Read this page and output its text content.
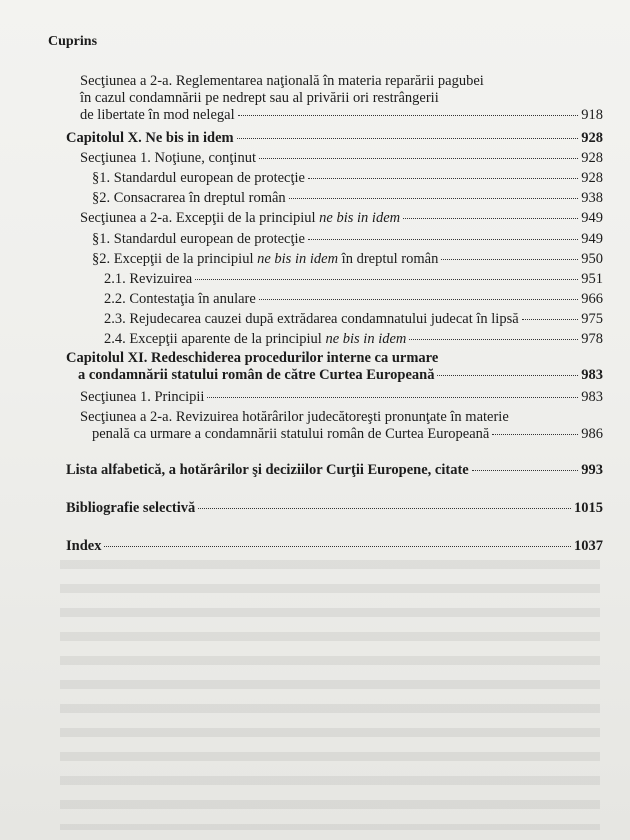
Cuprins
Secţiunea a 2-a. Reglementarea naţională în materia reparării pagubei
în cazul condamnării pe nedrept sau al privării ori restrângerii
de libertate în mod nelegal	918
Capitolul X. Ne bis in idem	928
Secţiunea 1. Noţiune, conţinut	928
§1. Standardul european de protecţie	928
§2. Consacrarea în dreptul român	938
Secţiunea a 2-a. Excepţii de la principiul ne bis in idem	949
§1. Standardul european de protecţie	949
§2. Excepţii de la principiul ne bis in idem în dreptul român	950
2.1. Revizuirea	951
2.2. Contestaţia în anulare	966
2.3. Rejudecarea cauzei după extrădarea condamnatului judecat în lipsă	975
2.4. Excepţii aparente de la principiul ne bis in idem	978
Capitolul XI. Redeschiderea procedurilor interne ca urmare
a condamnării statului român de către Curtea Europeană	983
Secţiunea 1. Principii	983
Secţiunea a 2-a. Revizuirea hotărârilor judecătoreşti pronunţate în materie
penală ca urmare a condamnării statului român de Curtea Europeană	986
Lista alfabetică, a hotărârilor şi deciziilor Curţii Europene, citate	993
Bibliografie selectivă	1015
Index	1037
